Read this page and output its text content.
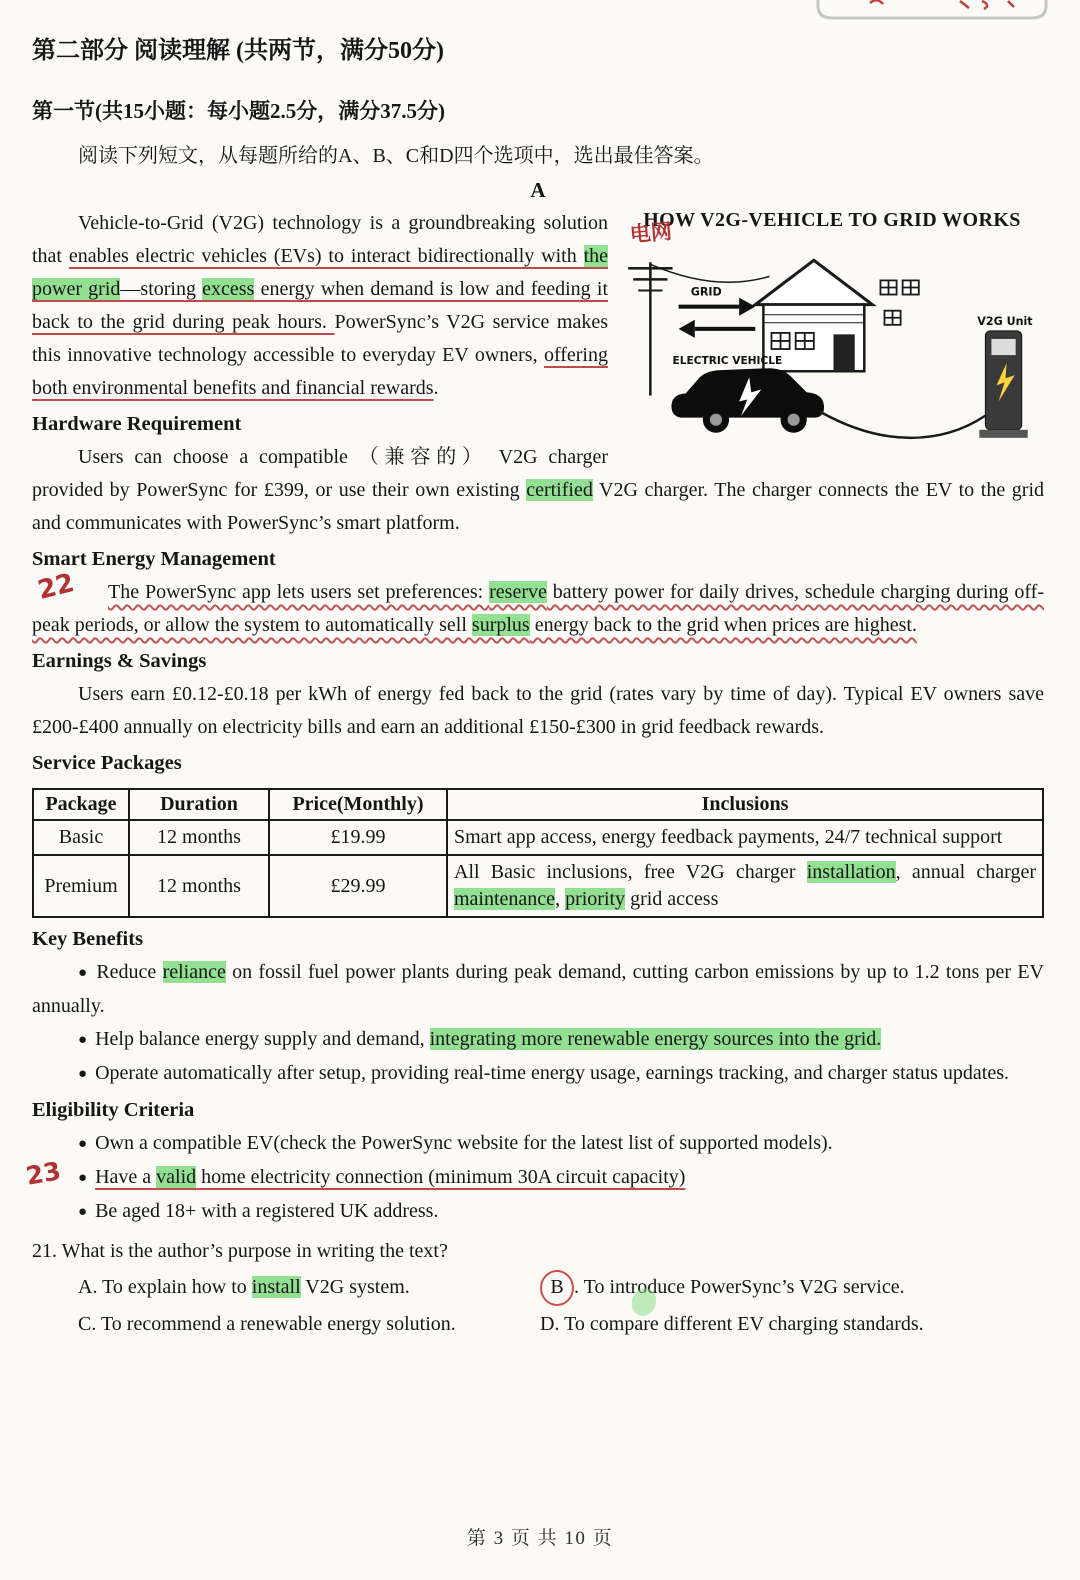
第二部分 阅读理解 (共两节，满分50分)
第一节(共15小题：每小题2.5分，满分37.5分)

阅读下列短文，从每题所给的A、B、C和D四个选项中，选出最佳答案。

A
HOW V2G-VEHICLE TO GRID WORKS
GRID
V2G Unit
ELECTRIC VEHICLE

Vehicle-to-Grid (V2G) technology is a groundbreaking solution that enables electric vehicles (EVs) to interact bidirectionally with the power grid
电网
—storing excess energy when demand is low and feeding it back to the grid during peak hours. PowerSync’s V2G service makes this innovative technology accessible to everyday EV owners, offering both environmental benefits and financial rewards.

Hardware Requirement

Users can choose a compatible （兼容的） V2G charger provided by PowerSync for £399, or use their own existing certified V2G charger. The charger connects the EV to the grid and communicates with PowerSync’s smart platform.

Smart Energy Management
22	The PowerSync app lets users set preferences: reserve battery power for daily drives, schedule charging during off-peak periods, or allow the system to automatically sell surplus energy back to the grid when prices are highest.

Earnings & Savings

Users earn £0.12-£0.18 per kWh of energy fed back to the grid (rates vary by time of day). Typical EV owners save £200-£400 annually on electricity bills and earn an additional £150-£300 in grid feedback rewards.

Service Packages
Package	Duration	Price(Monthly)	Inclusions
Basic	12 months	£19.99	Smart app access, energy feedback payments, 24/7 technical support
Premium	12 months	£29.99	All Basic inclusions, free V2G charger installation, annual charger maintenance, priority grid access
Key Benefits

● Reduce reliance on fossil fuel power plants during peak demand, cutting carbon emissions by up to 1.2 tons per EV annually.

● Help balance energy supply and demand, integrating more renewable energy sources into the grid.

● Operate automatically after setup, providing real-time energy usage, earnings tracking, and charger status updates.

Eligibility Criteria

● Own a compatible EV(check the PowerSync website for the latest list of supported models).

23 ● Have a valid home electricity connection (minimum 30A circuit capacity)

● Be aged 18+ with a registered UK address.

21. What is the author’s purpose in writing the text?

A. To explain how to install V2G system.	B . To introduce
PowerSync’s V2G service.
C. To recommend a renewable energy solution.	D. To compare different EV charging standards.
第 3 页 共 10 页
